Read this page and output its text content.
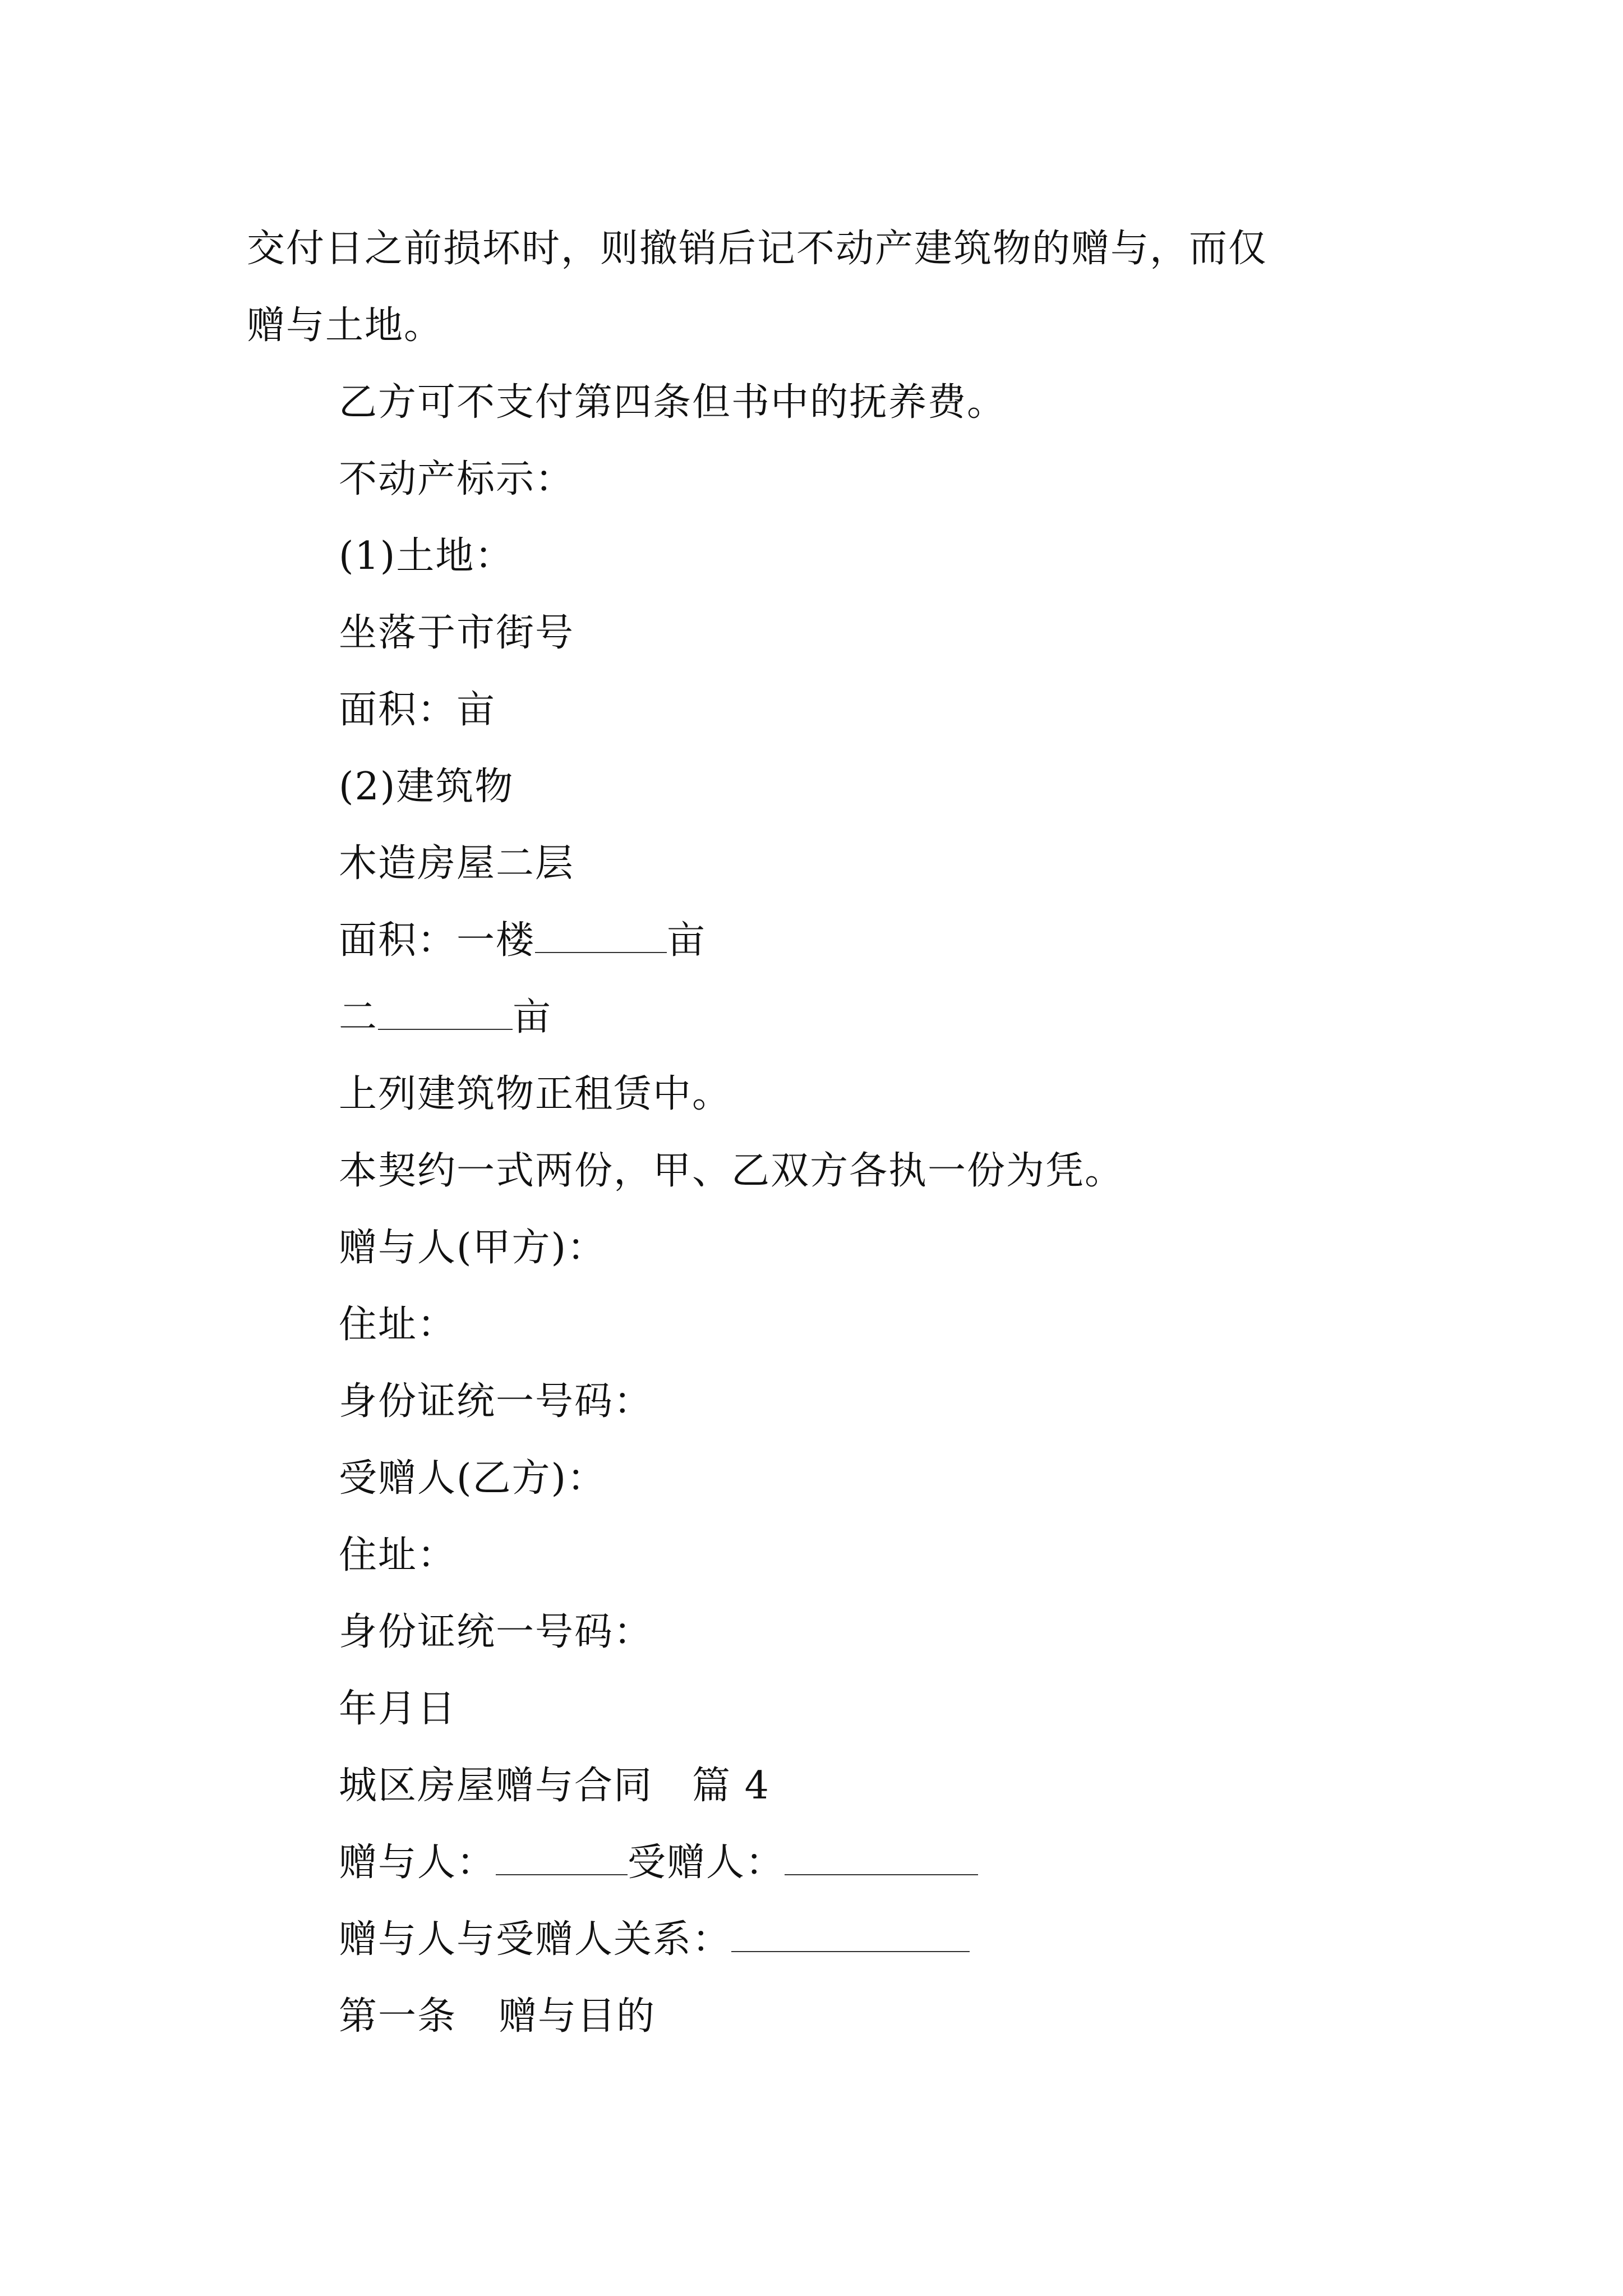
交付日之前损坏时，则撤销后记不动产建筑物的赠与，而仅
赠与土地。
乙方可不支付第四条但书中的抚养费。
不动产标示：
(1)土地：
坐落于市街号
面积：亩
(2)建筑物
木造房屋二层
面积：一楼	亩
二	亩
上列建筑物正租赁中。
本契约一式两份，甲、乙双方各执一份为凭。
赠与人(甲方)：
住址：
身份证统一号码：
受赠人(乙方)：
住址：
身份证统一号码：
年月日
城区房屋赠与合同 篇 4
赠与人：	受赠人：
赠与人与受赠人关系：
第一条 赠与目的
